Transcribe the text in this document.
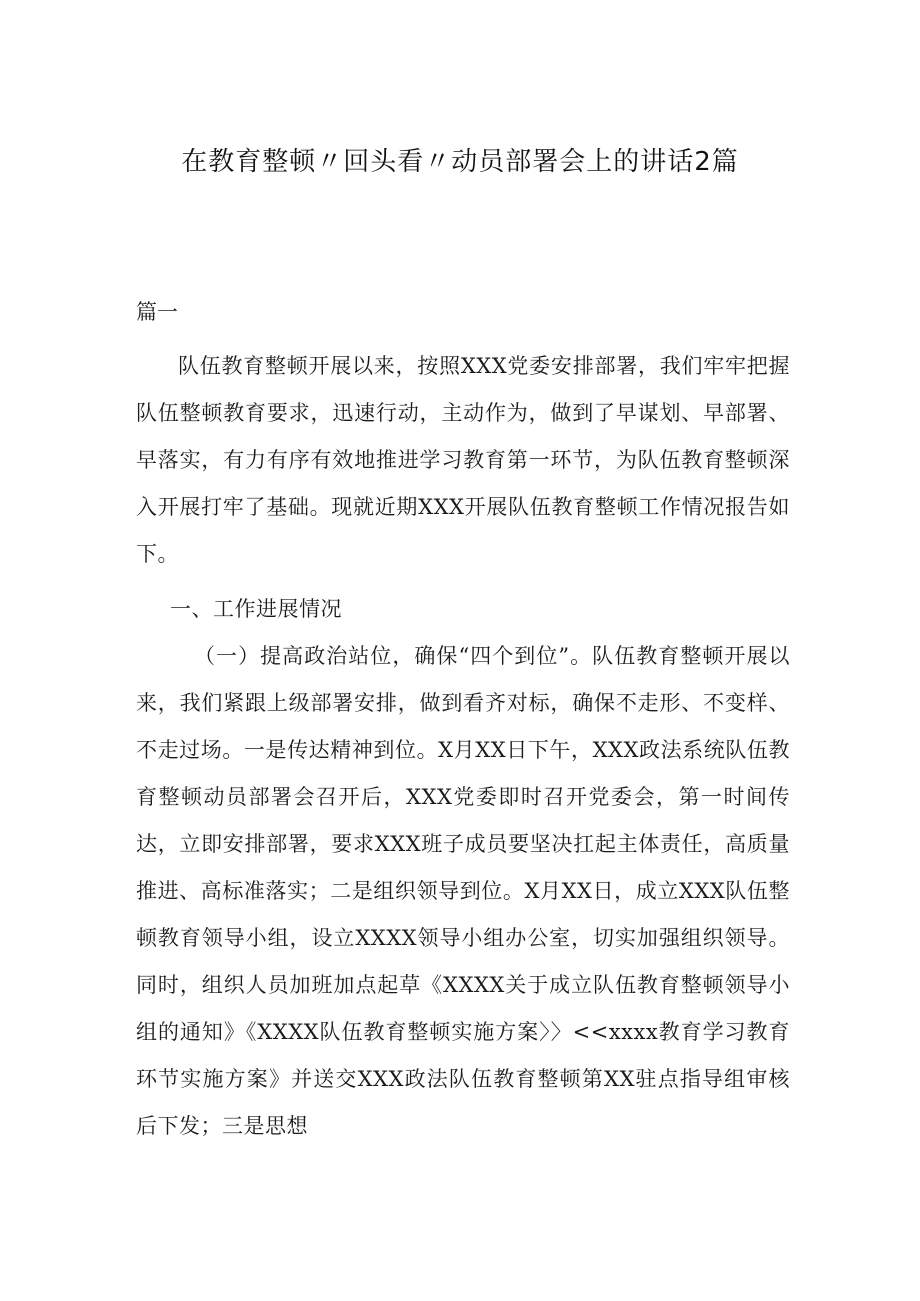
在教育整顿〃回头看〃动员部署会上的讲话2篇

篇一

队伍教育整顿开展以来，按照XXX党委安排部署，我们牢牢把握队伍整顿教育要求，迅速行动，主动作为，做到了早谋划、早部署、早落实，有力有序有效地推进学习教育第一环节，为队伍教育整顿深入开展打牢了基础。现就近期XXX开展队伍教育整顿工作情况报告如下。

一、工作进展情况

（一）提高政治站位，确保“四个到位”。队伍教育整顿开展以来，我们紧跟上级部署安排，做到看齐对标，确保不走形、不变样、不走过场。一是传达精神到位。X月XX日下午，XXX政法系统队伍教育整顿动员部署会召开后，XXX党委即时召开党委会，第一时间传达，立即安排部署，要求XXX班子成员要坚决扛起主体责任，高质量推进、高标准落实；二是组织领导到位。X月XX日，成立XXX队伍整顿教育领导小组，设立XXXX领导小组办公室，切实加强组织领导。同时，组织人员加班加点起草《XXXX关于成立队伍教育整顿领导小组的通知》《XXXX队伍教育整顿实施方案〉〉<<xxxx教育学习教育环节实施方案》并送交XXX政法队伍教育整顿第XX驻点指导组审核后下发；三是思想
